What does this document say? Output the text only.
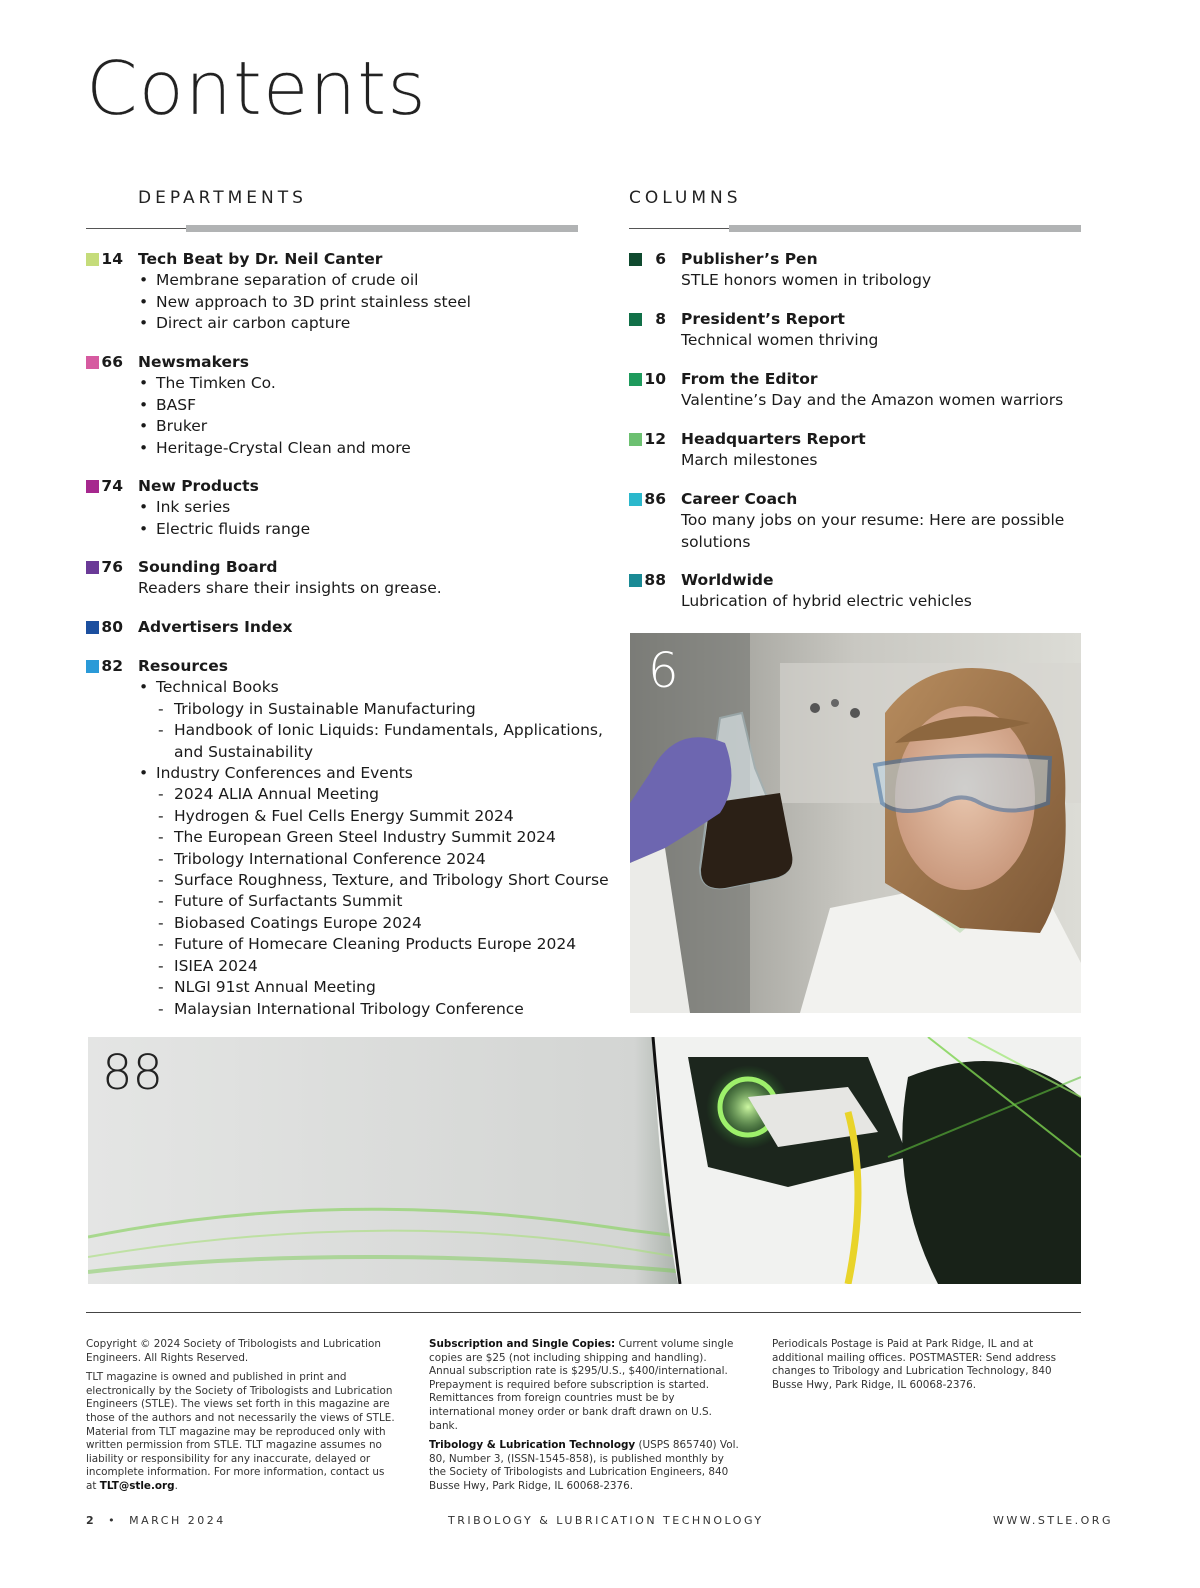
Contents
DEPARTMENTS	COLUMNS
14 Tech Beat by Dr. Neil Canter
• Membrane separation of crude oil
• New approach to 3D print stainless steel
• Direct air carbon capture
66 Newsmakers
• The Timken Co.
• BASF
• Bruker
• Heritage-Crystal Clean and more
74 New Products
• Ink series
• Electric fluids range
76 Sounding Board
Readers share their insights on grease.
80 Advertisers Index
82 Resources
• Technical Books
- Tribology in Sustainable Manufacturing
- Handbook of Ionic Liquids: Fundamentals, Applications,
and Sustainability
• Industry Conferences and Events
- 2024 ALIA Annual Meeting
- Hydrogen & Fuel Cells Energy Summit 2024
- The European Green Steel Industry Summit 2024
- Tribology International Conference 2024
- Surface Roughness, Texture, and Tribology Short Course
- Future of Surfactants Summit
- Biobased Coatings Europe 2024
- Future of Homecare Cleaning Products Europe 2024
- ISIEA 2024
- NLGI 91st Annual Meeting
- Malaysian International Tribology Conference
6 Publisher’s Pen
STLE honors women in tribology
8 President’s Report
Technical women thriving
10 From the Editor
Valentine’s Day and the Amazon women warriors
12 Headquarters Report
March milestones
86 Career Coach
Too many jobs on your resume: Here are possible
solutions
88 Worldwide
Lubrication of hybrid electric vehicles
6
88

Copyright © 2024 Society of Tribologists and Lubrication Engineers. All Rights Reserved.

TLT magazine is owned and published in print and electronically by the Society of Tribologists and Lubrication Engineers (STLE). The views set forth in this magazine are those of the authors and not necessarily the views of STLE. Material from TLT magazine may be reproduced only with written permission from STLE. TLT magazine assumes no liability or responsibility for any inaccurate, delayed or incomplete information. For more information, contact us at TLT@stle.org.

Subscription and Single Copies: Current volume single copies are $25 (not including shipping and handling). Annual subscription rate is $295/U.S., $400/international. Prepayment is required before subscription is started. Remittances from foreign countries must be by international money order or bank draft drawn on U.S. bank.

Tribology & Lubrication Technology (USPS 865740) Vol. 80, Number 3, (ISSN-1545-858), is published monthly by the Society of Tribologists and Lubrication Engineers, 840 Busse Hwy, Park Ridge, IL 60068-2376.

Periodicals Postage is Paid at Park Ridge, IL and at additional mailing offices. POSTMASTER: Send address changes to Tribology and Lubrication Technology, 840 Busse Hwy, Park Ridge, IL 60068-2376.

2 • MARCH 2024	TRIBOLOGY & LUBRICATION TECHNOLOGY	WWW.STLE.ORG
